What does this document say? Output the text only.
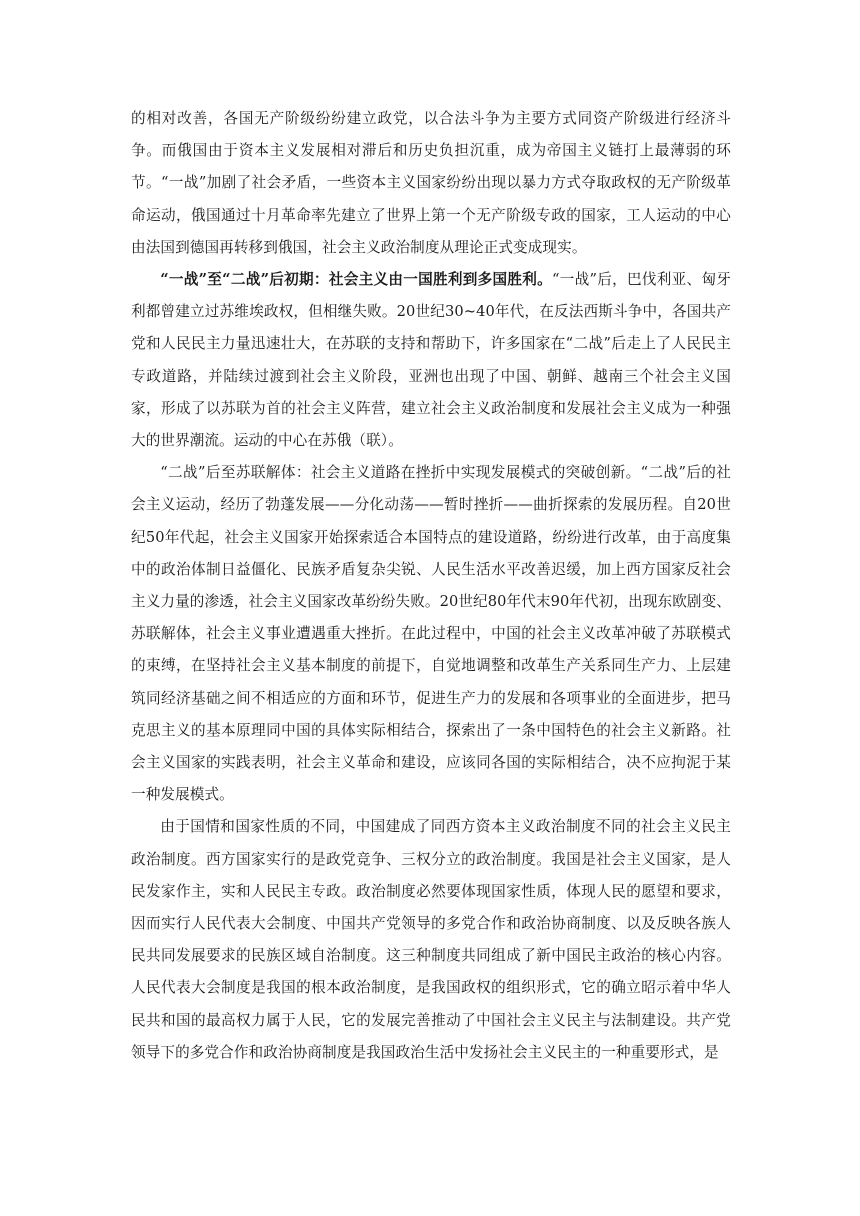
的相对改善，各国无产阶级纷纷建立政党，以合法斗争为主要方式同资产阶级进行经济斗争。而俄国由于资本主义发展相对滞后和历史负担沉重，成为帝国主义链打上最薄弱的环节。“一战”加剧了社会矛盾，一些资本主义国家纷纷出现以暴力方式夺取政权的无产阶级革命运动，俄国通过十月革命率先建立了世界上第一个无产阶级专政的国家，工人运动的中心由法国到德国再转移到俄国，社会主义政治制度从理论正式变成现实。

“一战”至“二战”后初期：社会主义由一国胜利到多国胜利。“一战”后，巴伐利亚、匈牙利都曾建立过苏维埃政权，但相继失败。20世纪30~40年代，在反法西斯斗争中，各国共产党和人民民主力量迅速壮大，在苏联的支持和帮助下，许多国家在“二战”后走上了人民民主专政道路，并陆续过渡到社会主义阶段，亚洲也出现了中国、朝鲜、越南三个社会主义国家，形成了以苏联为首的社会主义阵营，建立社会主义政治制度和发展社会主义成为一种强大的世界潮流。运动的中心在苏俄（联）。

“二战”后至苏联解体：社会主义道路在挫折中实现发展模式的突破创新。“二战”后的社会主义运动，经历了勃蓬发展——分化动荡——暂时挫折——曲折探索的发展历程。自20世纪50年代起，社会主义国家开始探索适合本国特点的建设道路，纷纷进行改革，由于高度集中的政治体制日益僵化、民族矛盾复杂尖锐、人民生活水平改善迟缓，加上西方国家反社会主义力量的渗透，社会主义国家改革纷纷失败。20世纪80年代末90年代初，出现东欧剧变、苏联解体，社会主义事业遭遇重大挫折。在此过程中，中国的社会主义改革冲破了苏联模式的束缚，在坚持社会主义基本制度的前提下，自觉地调整和改革生产关系同生产力、上层建筑同经济基础之间不相适应的方面和环节，促进生产力的发展和各项事业的全面进步，把马克思主义的基本原理同中国的具体实际相结合，探索出了一条中国特色的社会主义新路。社会主义国家的实践表明，社会主义革命和建设，应该同各国的实际相结合，决不应拘泥于某一种发展模式。

由于国情和国家性质的不同，中国建成了同西方资本主义政治制度不同的社会主义民主政治制度。西方国家实行的是政党竞争、三权分立的政治制度。我国是社会主义国家，是人民发家作主，实和人民民主专政。政治制度必然要体现国家性质，体现人民的愿望和要求，因而实行人民代表大会制度、中国共产党领导的多党合作和政治协商制度、以及反映各族人民共同发展要求的民族区域自治制度。这三种制度共同组成了新中国民主政治的核心内容。人民代表大会制度是我国的根本政治制度，是我国政权的组织形式，它的确立昭示着中华人民共和国的最高权力属于人民，它的发展完善推动了中国社会主义民主与法制建设。共产党领导下的多党合作和政治协商制度是我国政治生活中发扬社会主义民主的一种重要形式，是
